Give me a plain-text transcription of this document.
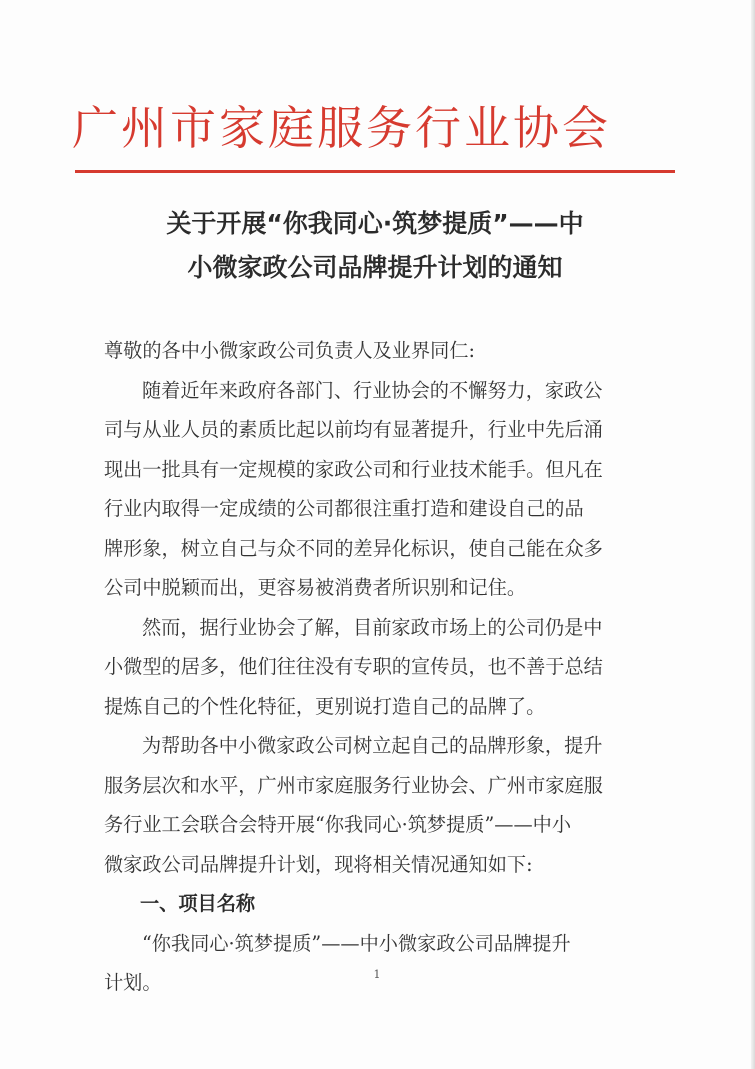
广州市家庭服务行业协会
关于开展“你我同心·筑梦提质”——中
小微家政公司品牌提升计划的通知
尊敬的各中小微家政公司负责人及业界同仁:
随着近年来政府各部门、行业协会的不懈努力，家政公
司与从业人员的素质比起以前均有显著提升，行业中先后涌
现出一批具有一定规模的家政公司和行业技术能手。但凡在
行业内取得一定成绩的公司都很注重打造和建设自己的品
牌形象，树立自己与众不同的差异化标识，使自己能在众多
公司中脱颖而出，更容易被消费者所识别和记住。
然而，据行业协会了解，目前家政市场上的公司仍是中
小微型的居多，他们往往没有专职的宣传员，也不善于总结
提炼自己的个性化特征，更别说打造自己的品牌了。
为帮助各中小微家政公司树立起自己的品牌形象，提升
服务层次和水平，广州市家庭服务行业协会、广州市家庭服
务行业工会联合会特开展“你我同心·筑梦提质”——中小
微家政公司品牌提升计划，现将相关情况通知如下:
一、项目名称
“你我同心·筑梦提质”——中小微家政公司品牌提升
计划。	1
